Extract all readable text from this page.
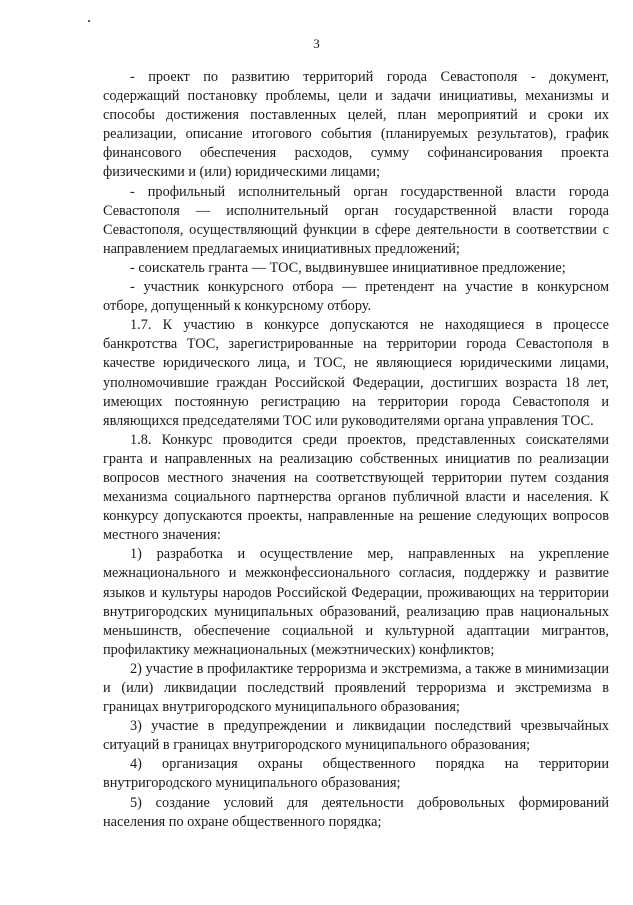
3

- проект по развитию территорий города Севастополя - документ, содержащий постановку проблемы, цели и задачи инициативы, механизмы и способы достижения поставленных целей, план мероприятий и сроки их реализации, описание итогового события (планируемых результатов), график финансового обеспечения расходов, сумму софинансирования проекта физическими и (или) юридическими лицами;

- профильный исполнительный орган государственной власти города Севастополя — исполнительный орган государственной власти города Севастополя, осуществляющий функции в сфере деятельности в соответствии с направлением предлагаемых инициативных предложений;

- соискатель гранта — ТОС, выдвинувшее инициативное предложение;

- участник конкурсного отбора — претендент на участие в конкурсном отборе, допущенный к конкурсному отбору.

1.7. К участию в конкурсе допускаются не находящиеся в процессе банкротства ТОС, зарегистрированные на территории города Севастополя в качестве юридического лица, и ТОС, не являющиеся юридическими лицами, уполномочившие граждан Российской Федерации, достигших возраста 18 лет, имеющих постоянную регистрацию на территории города Севастополя и являющихся председателями ТОС или руководителями органа управления ТОС.

1.8. Конкурс проводится среди проектов, представленных соискателями гранта и направленных на реализацию собственных инициатив по реализации вопросов местного значения на соответствующей территории путем создания механизма социального партнерства органов публичной власти и населения. К конкурсу допускаются проекты, направленные на решение следующих вопросов местного значения:

1) разработка и осуществление мер, направленных на укрепление межнационального и межконфессионального согласия, поддержку и развитие языков и культуры народов Российской Федерации, проживающих на территории внутригородских муниципальных образований, реализацию прав национальных меньшинств, обеспечение социальной и культурной адаптации мигрантов, профилактику межнациональных (межэтнических) конфликтов;

2) участие в профилактике терроризма и экстремизма, а также в минимизации и (или) ликвидации последствий проявлений терроризма и экстремизма в границах внутригородского муниципального образования;

3) участие в предупреждении и ликвидации последствий чрезвычайных ситуаций в границах внутригородского муниципального образования;

4) организация охраны общественного порядка на территории внутригородского муниципального образования;

5) создание условий для деятельности добровольных формирований населения по охране общественного порядка;
